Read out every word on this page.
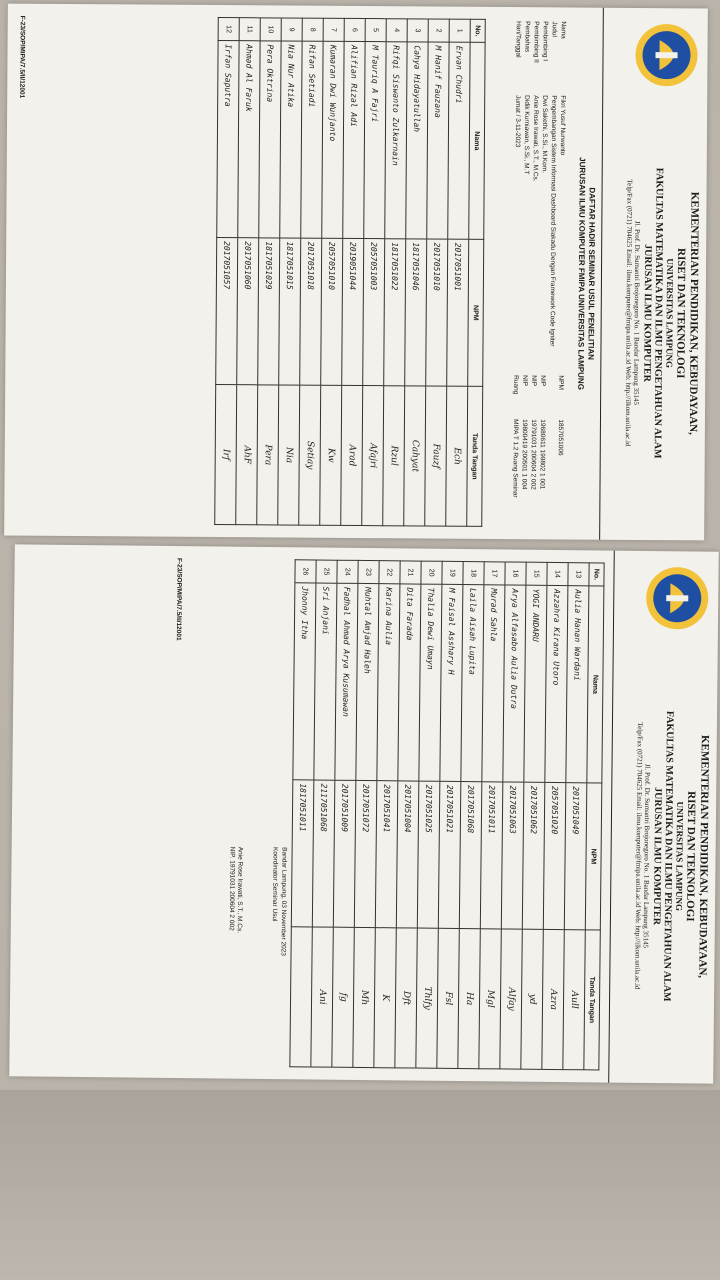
KEMENTERIAN PENDIDIKAN, KEBUDAYAAN,
RISET DAN TEKNOLOGI
UNIVERSITAS LAMPUNG
FAKULTAS MATEMATIKA DAN ILMU PENGETAHUAN ALAM
JURUSAN ILMU KOMPUTER
Jl. Prof. Dr. Sumantri Brojonegoro No. 1 Bandar Lampung 35145
Telp/Fax (0721) 704625 Email: ilmu.komputer@fmipa.unila.ac.id Web: http://ilkom.unila.ac.id
DAFTAR HADIR SEMINAR USUL PENELITIAN
JURUSAN ILMU KOMPUTER FMIPA UNIVERSITAS LAMPUNG
Nama	Fikri Yusuf Nurwanto	NPM	1857051006
Judul	Pengembangan Sistem Informasi Dashboard Siakadu Dengan Framework Code Igniter		
Pembimbing I	Dwi Sakethi, S.Si., M.Kom.	NIP	19680611 199802 1 001
Pembimbing II	Anie Rose Irawati, S.T., M.Cs.	NIP	19791031 200604 2 002
Pembahas	Didik Kurniawan, S.Si., M.T	NIP	19800419 200501 1 004
Hari/Tanggal	Jumat / 3-11-2023	Ruang	MIPA T 1.2 Ruang Seminar
No.	Nama	NPM	Tanda Tangan
1	Ervan Chudri	2017051001	Ech
2	M Hanif Fauzana	2017051010	Fauzf
3	Cahya Hidayatullah	1817051046	Cahyat
4	Rifqi Siswanto Zulkarnain	1817051022	Rzul
5	M Tauriq A Fajri	2057051003	Afajri
6	Alifian Rizal Adi	2019051044	Arad
7	Kumaran Dwi Wunjanto	2057051010	Kw
8	Rifan Setiadi	2017051018	Setiay
9	Nia Nur Atika	1817051015	Nia
10	Pera Oktrina	1817051029	Pera
11	Ahmad Al Faruk	2017051060	AhF
12	Irfan Saputra	2017051057	Irf
F-23/SOP/MIPA/7.5/II/12001
KEMENTERIAN PENDIDIKAN, KEBUDAYAAN,
RISET DAN TEKNOLOGI
UNIVERSITAS LAMPUNG
FAKULTAS MATEMATIKA DAN ILMU PENGETAHUAN ALAM
JURUSAN ILMU KOMPUTER
Jl. Prof. Dr. Sumantri Brojonegoro No. 1 Bandar Lampung 35145
Telp/Fax (0721) 704625 Email: ilmu.komputer@fmipa.unila.ac.id Web: http://ilkom.unila.ac.id
No.	Nama	NPM	Tanda Tangan
13	Aulia Hanan Wardani	2017051049	Aull
14	Azzahra Kirana Utoro	2057051020	Azra
15	YOGI ANDARU	2017051062	yd
16	Arya Alfasabo Aulia Dutra	2017051063	Alfay
17	Murad Sahla	2017051011	Mgl
18	Laila Aisah Lupita	2017051068	Ha
19	M Faisal Asshary H	2017051021	Fsl
20	Thalia Dewi Umayn	2017051025	Thlfy
21	Dita Farada	2017051004	Dft
22	Karina Aulia	2017051041	K
23	Muhtal Amjad Haleh	2017051072	Mh
24	Fadhal Ahmad Arya Kusumawan	2017051009	fg
25	Sri Anjani	2117051068	Ani
26	Jhonny Itha	1817051011	
Bandar Lampung, 03 November 2023
Koordinator Seminar Usul
Anie Rose Irawati, S.T., M.Cs.
NIP. 19791031 200604 2 002
F-23/SOP/MIPA/7.5/II/12001
